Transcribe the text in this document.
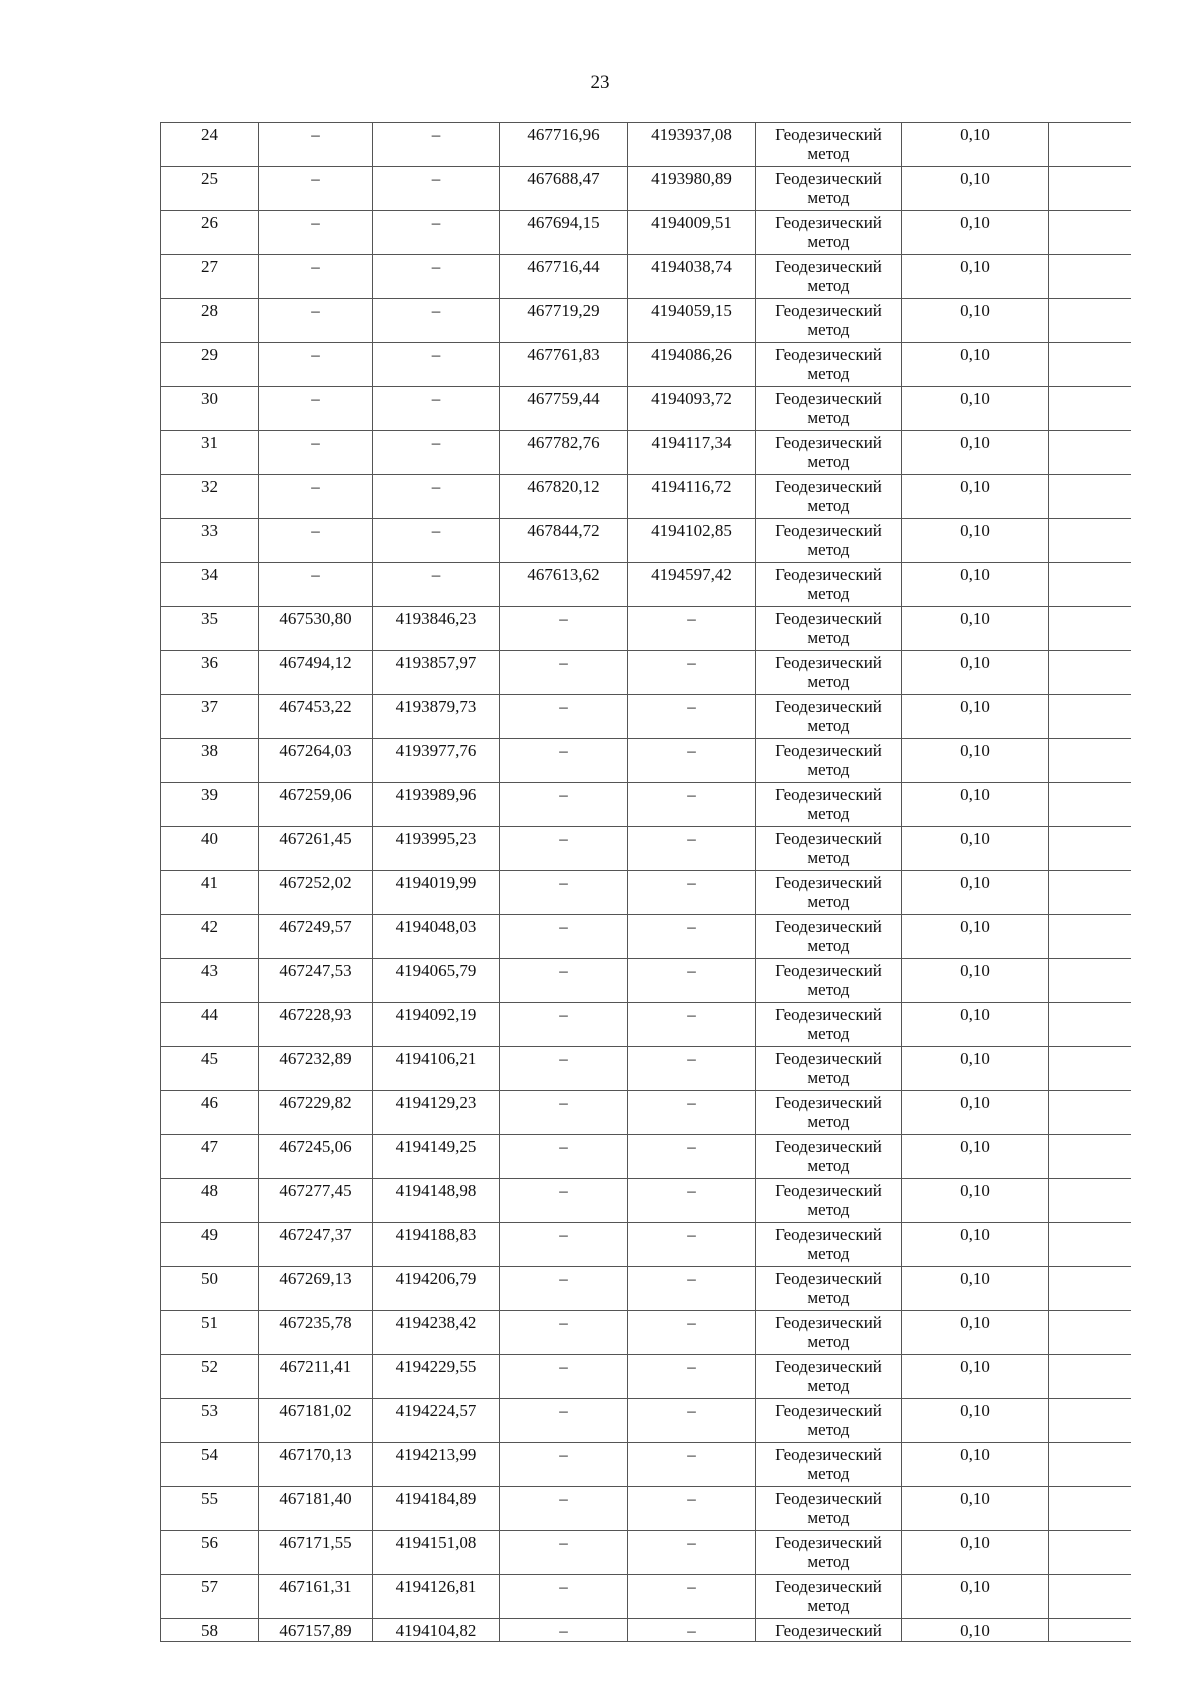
23
24	–	–	467716,96	4193937,08	Геодезический метод	0,10	
25	–	–	467688,47	4193980,89	Геодезический метод	0,10	
26	–	–	467694,15	4194009,51	Геодезический метод	0,10	
27	–	–	467716,44	4194038,74	Геодезический метод	0,10	
28	–	–	467719,29	4194059,15	Геодезический метод	0,10	
29	–	–	467761,83	4194086,26	Геодезический метод	0,10	
30	–	–	467759,44	4194093,72	Геодезический метод	0,10	
31	–	–	467782,76	4194117,34	Геодезический метод	0,10	
32	–	–	467820,12	4194116,72	Геодезический метод	0,10	
33	–	–	467844,72	4194102,85	Геодезический метод	0,10	
34	–	–	467613,62	4194597,42	Геодезический метод	0,10	
35	467530,80	4193846,23	–	–	Геодезический метод	0,10	
36	467494,12	4193857,97	–	–	Геодезический метод	0,10	
37	467453,22	4193879,73	–	–	Геодезический метод	0,10	
38	467264,03	4193977,76	–	–	Геодезический метод	0,10	
39	467259,06	4193989,96	–	–	Геодезический метод	0,10	
40	467261,45	4193995,23	–	–	Геодезический метод	0,10	
41	467252,02	4194019,99	–	–	Геодезический метод	0,10	
42	467249,57	4194048,03	–	–	Геодезический метод	0,10	
43	467247,53	4194065,79	–	–	Геодезический метод	0,10	
44	467228,93	4194092,19	–	–	Геодезический метод	0,10	
45	467232,89	4194106,21	–	–	Геодезический метод	0,10	
46	467229,82	4194129,23	–	–	Геодезический метод	0,10	
47	467245,06	4194149,25	–	–	Геодезический метод	0,10	
48	467277,45	4194148,98	–	–	Геодезический метод	0,10	
49	467247,37	4194188,83	–	–	Геодезический метод	0,10	
50	467269,13	4194206,79	–	–	Геодезический метод	0,10	
51	467235,78	4194238,42	–	–	Геодезический метод	0,10	
52	467211,41	4194229,55	–	–	Геодезический метод	0,10	
53	467181,02	4194224,57	–	–	Геодезический метод	0,10	
54	467170,13	4194213,99	–	–	Геодезический метод	0,10	
55	467181,40	4194184,89	–	–	Геодезический метод	0,10	
56	467171,55	4194151,08	–	–	Геодезический метод	0,10	
57	467161,31	4194126,81	–	–	Геодезический метод	0,10	
58	467157,89	4194104,82	–	–	Геодезический	0,10	
